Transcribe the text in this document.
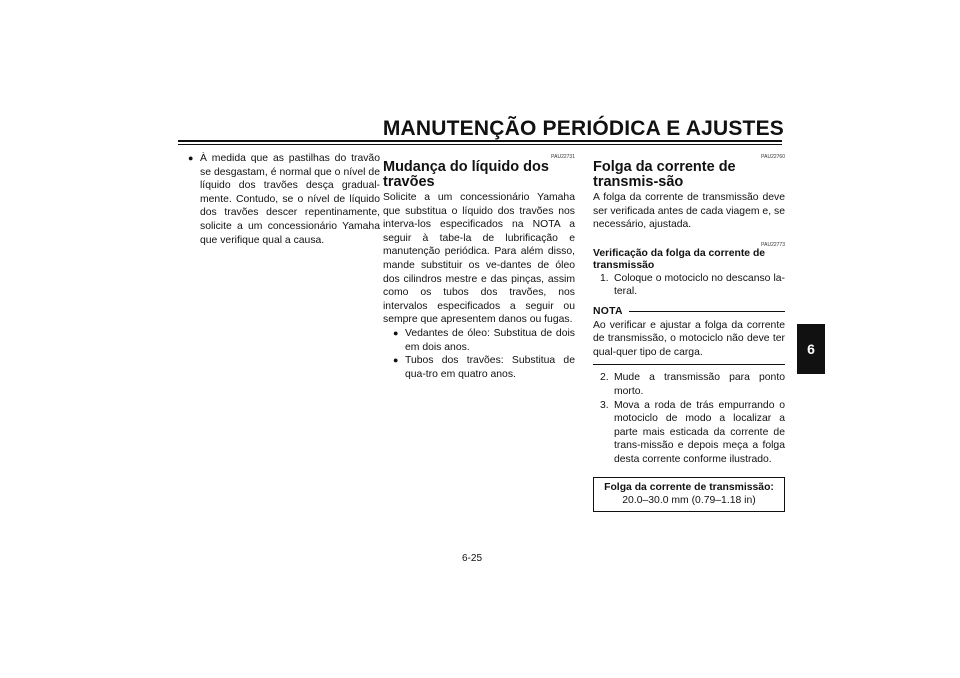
MANUTENÇÃO PERIÓDICA E AJUSTES
6
● À medida que as pastilhas do travão se desgastam, é normal que o nível de líquido dos travões desça gradual-mente. Contudo, se o nível de líquido dos travões descer repentinamente, solicite a um concessionário Yamaha que verifique qual a causa.
PAU22731
Mudança do líquido dos travões

Solicite a um concessionário Yamaha que substitua o líquido dos travões nos interva-los especificados na NOTA a seguir à tabe-la de lubrificação e manutenção periódica. Para além disso, mande substituir os ve-dantes de óleo dos cilindros mestre e das pinças, assim como os tubos dos travões, nos intervalos especificados a seguir ou sempre que apresentem danos ou fugas.

● Vedantes de óleo: Substitua de dois em dois anos.
● Tubos dos travões: Substitua de qua-tro em quatro anos.
PAU22760
Folga da corrente de transmis-são

A folga da corrente de transmissão deve ser verificada antes de cada viagem e, se necessário, ajustada.

PAU22773
Verificação da folga da corrente de transmissão
1. Coloque o motociclo no descanso la-teral.
NOTA

Ao verificar e ajustar a folga da corrente de transmissão, o motociclo não deve ter qual-quer tipo de carga.

2. Mude a transmissão para ponto morto.
3. Mova a roda de trás empurrando o motociclo de modo a localizar a parte mais esticada da corrente de trans-missão e depois meça a folga desta corrente conforme ilustrado.
Folga da corrente de transmissão:
20.0–30.0 mm (0.79–1.18 in)
6-25
